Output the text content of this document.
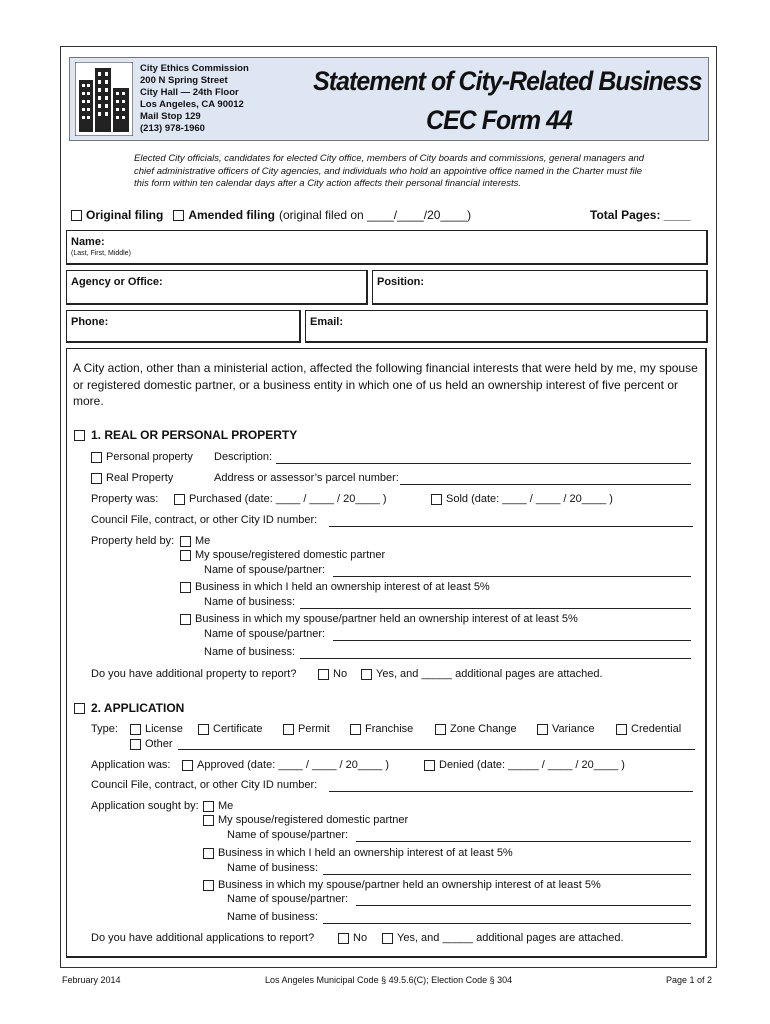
City Ethics Commission
200 N Spring Street
City Hall — 24th Floor
Los Angeles, CA 90012
Mail Stop 129
(213) 978-1960
Statement of City-Related Business
CEC Form 44
Elected City officials, candidates for elected City office, members of City boards and commissions, general managers and chief administrative officers of City agencies, and individuals who hold an appointive office named in the Charter must file this form within ten calendar days after a City action affects their personal financial interests.
Original filing Amended filing (original filed on ____/____/20____)	Total Pages: ____
Name:
(Last, First, Middle)
Agency or Office:	Position:
Phone:	Email:
A City action, other than a ministerial action, affected the following financial interests that were held by me, my spouse or registered domestic partner, or a business entity in which one of us held an ownership interest of five percent or more.
1. REAL OR PERSONAL PROPERTY
Personal property Description:
Real Property	Address or assessor’s parcel number:
Property was:	Purchased (date: ____ / ____ / 20____ )	Sold (date: ____ / ____ / 20____ )
Council File, contract, or other City ID number:
Property held by: Me
My spouse/registered domestic partner
Name of spouse/partner:
Business in which I held an ownership interest of at least 5%
Name of business:
Business in which my spouse/partner held an ownership interest of at least 5%
Name of spouse/partner:
Name of business:
Do you have additional property to report?	No	Yes, and _____ additional pages are attached.
2. APPLICATION
Type: License	Certificate	Permit	Franchise	Zone Change	Variance	Credential
Other
Application was: Approved (date: ____ / ____ / 20____ )	Denied (date: _____ / ____ / 20____ )
Council File, contract, or other City ID number:
Application sought by: Me
My spouse/registered domestic partner
Name of spouse/partner:
Business in which I held an ownership interest of at least 5%
Name of business:
Business in which my spouse/partner held an ownership interest of at least 5%
Name of spouse/partner:
Name of business:
Do you have additional applications to report?	No	Yes, and _____ additional pages are attached.
February 2014	Los Angeles Municipal Code § 49.5.6(C); Election Code § 304	Page 1 of 2
